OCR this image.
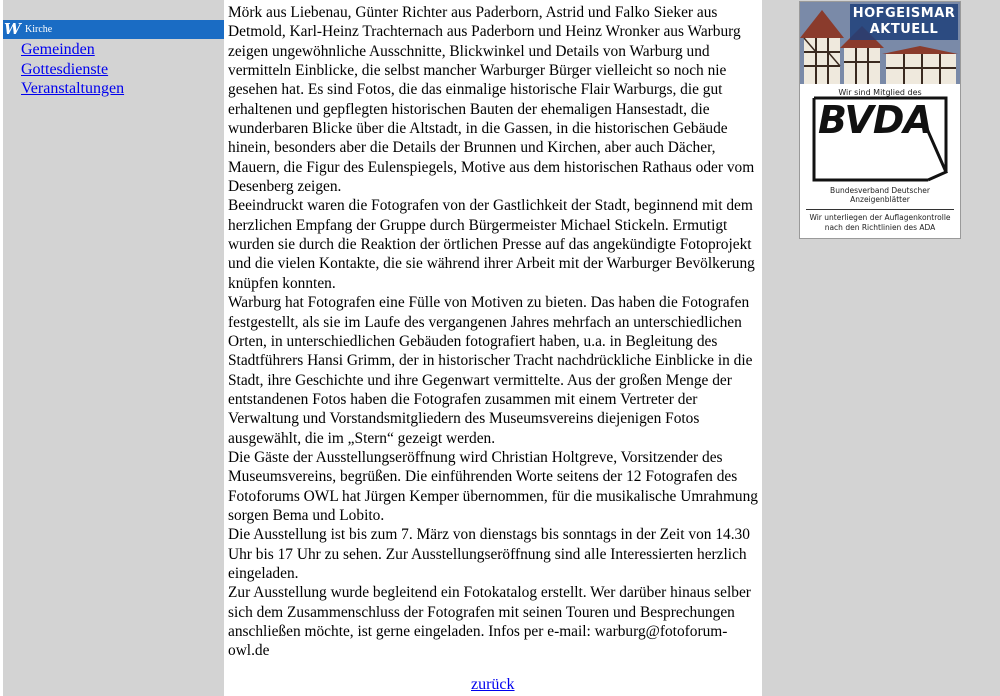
W Kirche
Gemeinden
Gottesdienste
Veranstaltungen

Mörk aus Liebenau, Günter Richter aus Paderborn, Astrid und Falko Sieker aus Detmold, Karl-Heinz Trachternach aus Paderborn und Heinz Wronker aus Warburg zeigen ungewöhnliche Ausschnitte, Blickwinkel und Details von Warburg und vermitteln Einblicke, die selbst mancher Warburger Bürger vielleicht so noch nie gesehen hat. Es sind Fotos, die das einmalige historische Flair Warburgs, die gut erhaltenen und gepflegten historischen Bauten der ehemaligen Hansestadt, die wunderbaren Blicke über die Altstadt, in die Gassen, in die historischen Gebäude hinein, besonders aber die Details der Brunnen und Kirchen, aber auch Dächer, Mauern, die Figur des Eulenspiegels, Motive aus dem historischen Rathaus oder vom Desenberg zeigen.

Beeindruckt waren die Fotografen von der Gastlichkeit der Stadt, beginnend mit dem herzlichen Empfang der Gruppe durch Bürgermeister Michael Stickeln. Ermutigt wurden sie durch die Reaktion der örtlichen Presse auf das angekündigte Fotoprojekt und die vielen Kontakte, die sie während ihrer Arbeit mit der Warburger Bevölkerung knüpfen konnten.

Warburg hat Fotografen eine Fülle von Motiven zu bieten. Das haben die Fotografen festgestellt, als sie im Laufe des vergangenen Jahres mehrfach an unterschiedlichen Orten, in unterschiedlichen Gebäuden fotografiert haben, u.a. in Begleitung des Stadtführers Hansi Grimm, der in historischer Tracht nachdrückliche Einblicke in die Stadt, ihre Geschichte und ihre Gegenwart vermittelte. Aus der großen Menge der entstandenen Fotos haben die Fotografen zusammen mit einem Vertreter der Verwaltung und Vorstandsmitgliedern des Museumsvereins diejenigen Fotos ausgewählt, die im „Stern“ gezeigt werden.

Die Gäste der Ausstellungseröffnung wird Christian Holtgreve, Vorsitzender des Museumsvereins, begrüßen. Die einführenden Worte seitens der 12 Fotografen des Fotoforums OWL hat Jürgen Kemper übernommen, für die musikalische Umrahmung sorgen Bema und Lobito.

Die Ausstellung ist bis zum 7. März von dienstags bis sonntags in der Zeit von 14.30 Uhr bis 17 Uhr zu sehen. Zur Ausstellungseröffnung sind alle Interessierten herzlich eingeladen.

Zur Ausstellung wurde begleitend ein Fotokatalog erstellt. Wer darüber hinaus selber sich dem Zusammenschluss der Fotografen mit seinen Touren und Besprechungen anschließen möchte, ist gerne eingeladen. Infos per e-mail: warburg@fotoforum-owl.de

zurück
HOFGEISMAR
AKTUELL
Wir sind Mitglied des
BVDA
Bundesverband Deutscher
Anzeigenblätter
Wir unterliegen der Auflagenkontrolle
nach den Richtlinien des ADA
